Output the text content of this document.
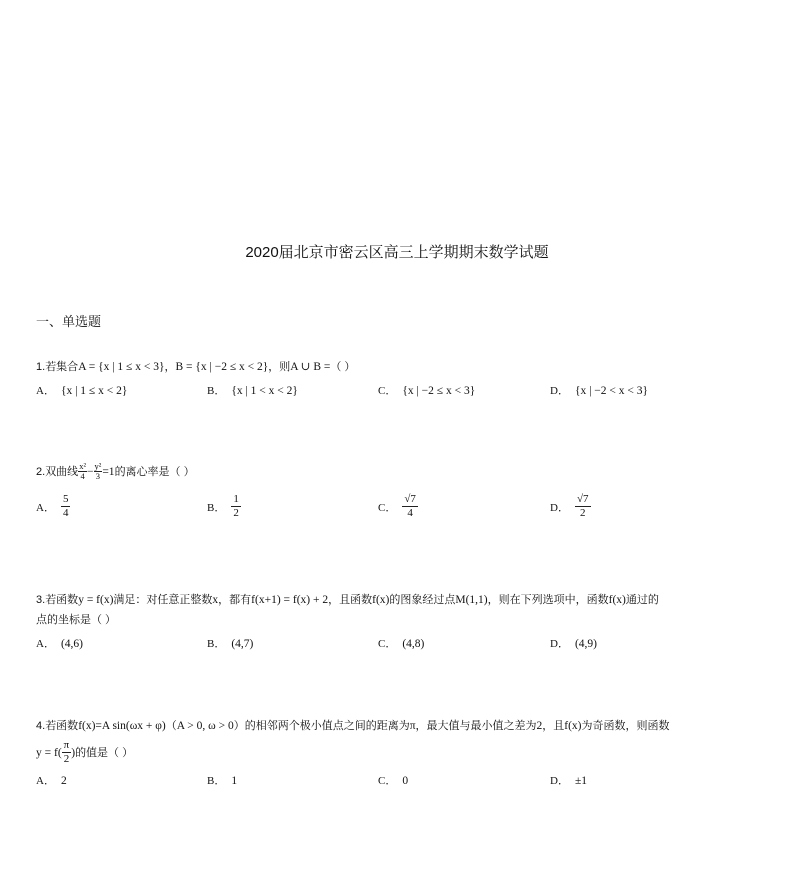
2020届北京市密云区高三上学期期末数学试题
一、单选题
1.若集合A = {x | 1 ≤ x < 3}，B = {x | −2 ≤ x < 2}，则A ∪ B =（ ）
A． {x | 1 ≤ x < 2}	B． {x | 1 < x < 2}	C． {x | −2 ≤ x < 3}	D． {x | −2 < x < 3}
2. 双曲线 $\frac{\text{x²}}{4} - \frac{\text{y²}}{3} =1$ 的离心率是（ ）
A． $\frac{5}{4}$	B． $\frac{1}{2}$	C． $\frac{√7}{4}$	D． $\frac{√7}{2}$
3.若函数y = f(x)满足：对任意正整数x，都有f(x+1) = f(x) + 2，且函数f(x)的图象经过点M(1,1)，则在下列选项中，函数f(x)通过的
点的坐标是（ ）
A． (4,6)	B． (4,7)	C． (4,8)	D． (4,9)
4.若函数f(x)=A sin(ωx + φ)（A > 0, ω > 0）的相邻两个极小值点之间的距离为π，最大值与最小值之差为2，且f(x)为奇函数，则函数
$y = f( \frac{\pi}{2}$ ) 的值是（ ）
A． 2	B． 1	C． 0	D． ±1
